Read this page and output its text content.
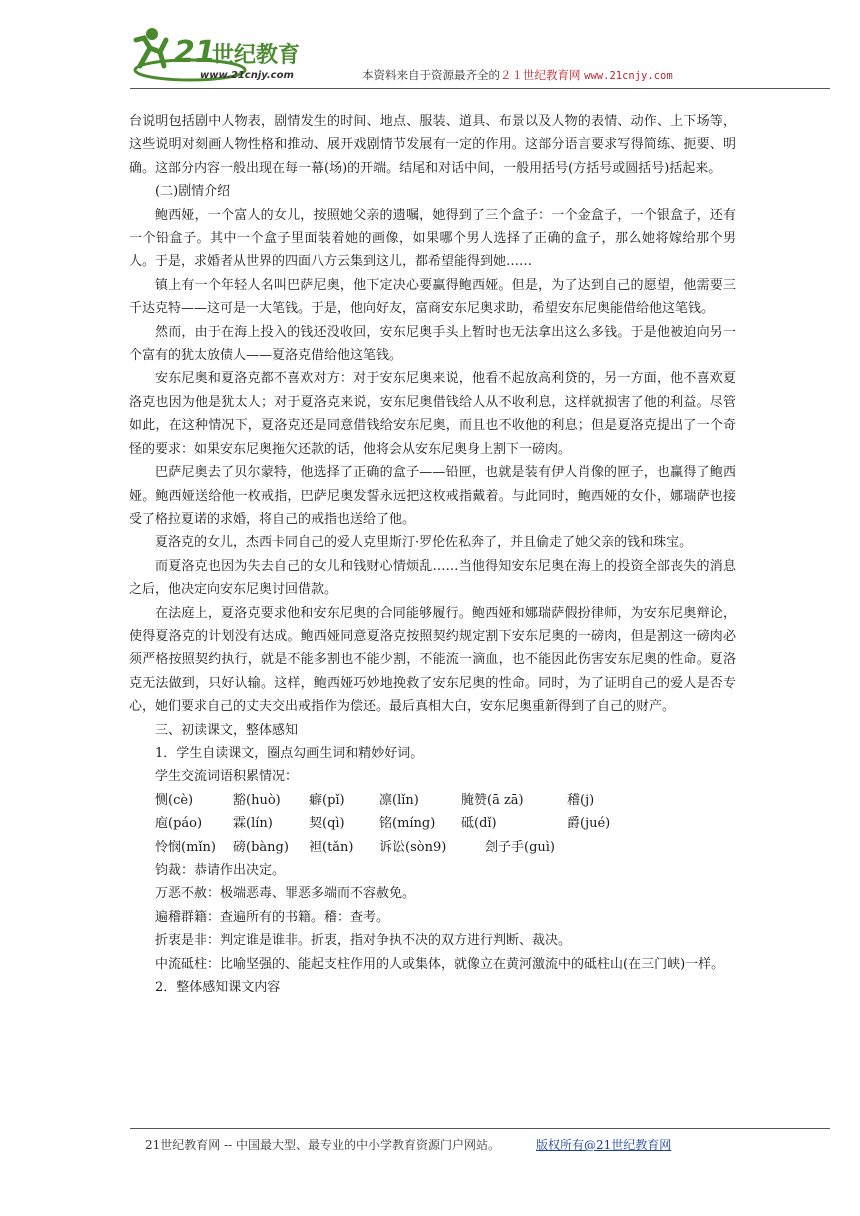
21
世纪教育
www.21cnjy.com	本资料来自于资源最齐全的２１世纪教育网 www.21cnjy.com

台说明包括剧中人物表，剧情发生的时间、地点、服装、道具、布景以及人物的表情、动作、上下场等，这些说明对刻画人物性格和推动、展开戏剧情节发展有一定的作用。这部分语言要求写得简练、扼要、明确。这部分内容一般出现在每一幕(场)的开端。结尾和对话中间，一般用括号(方括号或圆括号)括起来。

(二)剧情介绍

鲍西娅，一个富人的女儿，按照她父亲的遗嘱，她得到了三个盒子：一个金盒子，一个银盒子，还有一个铅盒子。其中一个盒子里面装着她的画像，如果哪个男人选择了正确的盒子，那么她将嫁给那个男人。于是，求婚者从世界的四面八方云集到这儿，都希望能得到她……

镇上有一个年轻人名叫巴萨尼奥，他下定决心要赢得鲍西娅。但是，为了达到自己的愿望，他需要三千达克特——这可是一大笔钱。于是，他向好友，富商安东尼奥求助，希望安东尼奥能借给他这笔钱。

然而，由于在海上投入的钱还没收回，安东尼奥手头上暂时也无法拿出这么多钱。于是他被迫向另一个富有的犹太放债人——夏洛克借给他这笔钱。

安东尼奥和夏洛克都不喜欢对方：对于安东尼奥来说，他看不起放高利贷的，另一方面，他不喜欢夏洛克也因为他是犹太人；对于夏洛克来说，安东尼奥借钱给人从不收利息，这样就损害了他的利益。尽管如此，在这种情况下，夏洛克还是同意借钱给安东尼奥，而且也不收他的利息；但是夏洛克提出了一个奇怪的要求：如果安东尼奥拖欠还款的话，他将会从安东尼奥身上割下一磅肉。

巴萨尼奥去了贝尔蒙特，他选择了正确的盒子——铅匣，也就是装有伊人肖像的匣子，也赢得了鲍西娅。鲍西娅送给他一枚戒指，巴萨尼奥发誓永远把这枚戒指戴着。与此同时，鲍西娅的女仆，娜瑞萨也接受了格拉夏诺的求婚，将自己的戒指也送给了他。

夏洛克的女儿，杰西卡同自己的爱人克里斯汀·罗伦佐私奔了，并且偷走了她父亲的钱和珠宝。

而夏洛克也因为失去自己的女儿和钱财心情烦乱……当他得知安东尼奥在海上的投资全部丧失的消息之后，他决定向安东尼奥讨回借款。

在法庭上，夏洛克要求他和安东尼奥的合同能够履行。鲍西娅和娜瑞萨假扮律师，为安东尼奥辩论，使得夏洛克的计划没有达成。鲍西娅同意夏洛克按照契约规定割下安东尼奥的一磅肉，但是割这一磅肉必须严格按照契约执行，就是不能多割也不能少割，不能流一滴血，也不能因此伤害安东尼奥的性命。夏洛克无法做到，只好认输。这样，鲍西娅巧妙地挽救了安东尼奥的性命。同时，为了证明自己的爱人是否专心，她们要求自己的丈夫交出戒指作为偿还。最后真相大白，安东尼奥重新得到了自己的财产。

三、初读课文，整体感知

1．学生自读课文，圈点勾画生词和精妙好词。

学生交流词语积累情况：

恻(cè)	豁(huò) 癖(pǐ)	凛(lǐn)	腌赞(ā zā)	稽(j)
庖(páo) 霖(lín)	契(qì)	铭(míng) 砥(dǐ)	爵(jué)
怜悯(mǐn) 磅(bàng) 袒(tǎn) 诉讼(sòn9)	刽子手(guì)

钧裁：恭请作出决定。

万恶不赦：极端恶毒、罪恶多端而不容赦免。

遍稽群籍：查遍所有的书籍。稽：查考。

折衷是非：判定谁是谁非。折衷，指对争执不决的双方进行判断、裁决。

中流砥柱：比喻坚强的、能起支柱作用的人或集体，就像立在黄河激流中的砥柱山(在三门峡)一样。

2．整体感知课文内容

21世纪教育网 -- 中国最大型、最专业的中小学教育资源门户网站。	版权所有@21世纪教育网
